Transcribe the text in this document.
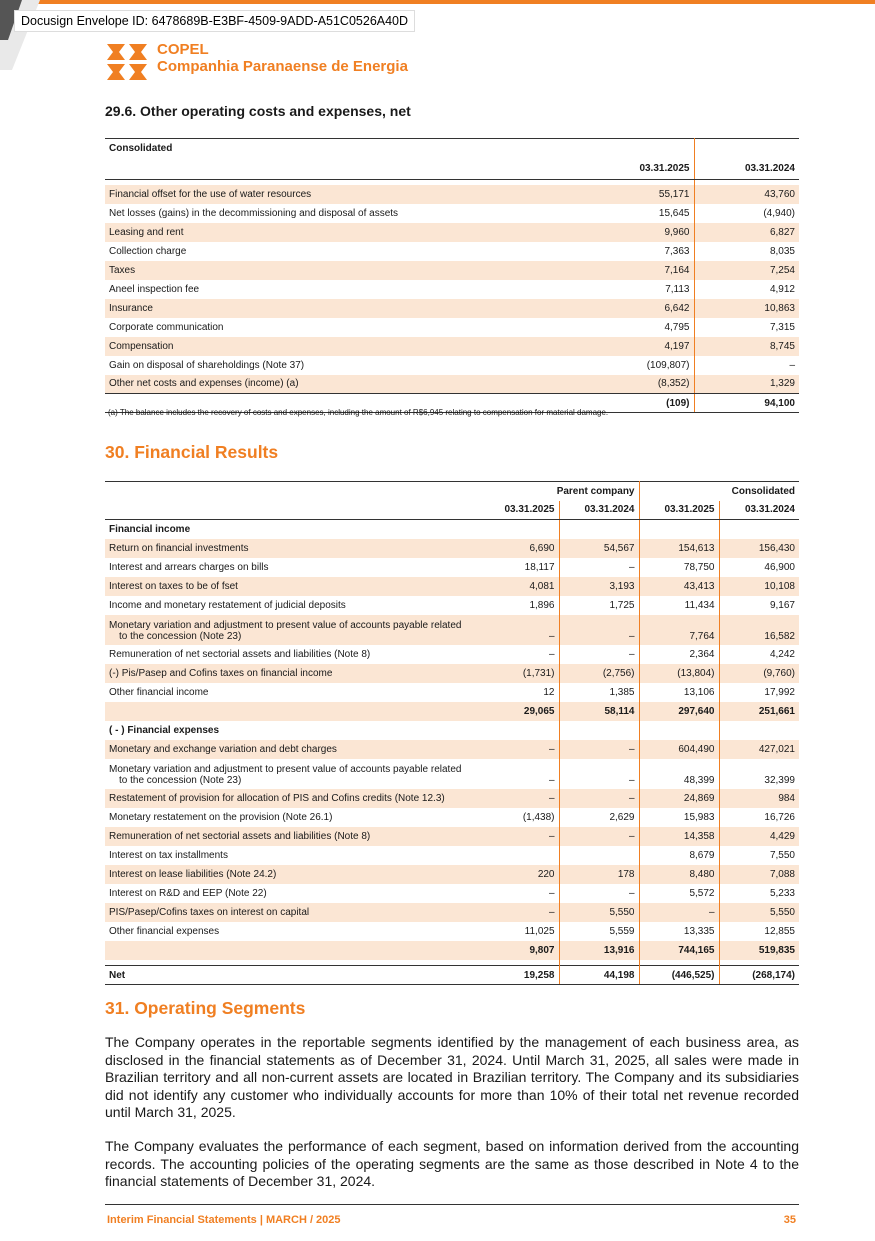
Docusign Envelope ID: 6478689B-E3BF-4509-9ADD-A51C0526A40D
COPEL
Companhia Paranaense de Energia
29.6. Other operating costs and expenses, net
Consolidated		
	03.31.2025	03.31.2024

Financial offset for the use of water resources	55,171	43,760
Net losses (gains) in the decommissioning and disposal of assets	15,645	(4,940)
Leasing and rent	9,960	6,827
Collection charge	7,363	8,035
Taxes	7,164	7,254
Aneel inspection fee	7,113	4,912
Insurance	6,642	10,863
Corporate communication	4,795	7,315
Compensation	4,197	8,745
Gain on disposal of shareholdings (Note 37)	(109,807)	–
Other net costs and expenses (income) (a)	(8,352)	1,329
	(109)	94,100
(a) The balance includes the recovery of costs and expenses, including the amount of R$6,945 relating to compensation for material damage.
30. Financial Results
	Parent company		Consolidated	
	03.31.2025	03.31.2024	03.31.2025	03.31.2024
Financial income				
Return on financial investments	6,690	54,567	154,613	156,430
Interest and arrears charges on bills	18,117	–	78,750	46,900
Interest on taxes to be of fset	4,081	3,193	43,413	10,108
Income and monetary restatement of judicial deposits	1,896	1,725	11,434	9,167
Monetary variation and adjustment to present value of accounts payable related
to the concession (Note 23)	–	–	7,764	16,582
Remuneration of net sectorial assets and liabilities (Note 8)	–	–	2,364	4,242
(-) Pis/Pasep and Cofins taxes on financial income	(1,731)	(2,756)	(13,804)	(9,760)
Other financial income	12	1,385	13,106	17,992
	29,065	58,114	297,640	251,661
( - ) Financial expenses				
Monetary and exchange variation and debt charges	–	–	604,490	427,021
Monetary variation and adjustment to present value of accounts payable related
to the concession (Note 23)	–	–	48,399	32,399
Restatement of provision for allocation of PIS and Cofins credits (Note 12.3)	–	–	24,869	984
Monetary restatement on the provision (Note 26.1)	(1,438)	2,629	15,983	16,726
Remuneration of net sectorial assets and liabilities (Note 8)	–	–	14,358	4,429
Interest on tax installments			8,679	7,550
Interest on lease liabilities (Note 24.2)	220	178	8,480	7,088
Interest on R&D and EEP (Note 22)	–	–	5,572	5,233
PIS/Pasep/Cofins taxes on interest on capital	–	5,550	–	5,550
Other financial expenses	11,025	5,559	13,335	12,855
	9,807	13,916	744,165	519,835

Net	19,258	44,198	(446,525)	(268,174)
31. Operating Segments

The Company operates in the reportable segments identified by the management of each business area, as disclosed in the financial statements as of December 31, 2024. Until March 31, 2025, all sales were made in Brazilian territory and all non-current assets are located in Brazilian territory. The Company and its subsidiaries did not identify any customer who individually accounts for more than 10% of their total net revenue recorded until March 31, 2025.

The Company evaluates the performance of each segment, based on information derived from the accounting records. The accounting policies of the operating segments are the same as those described in Note 4 to the financial statements of December 31, 2024.

Interim Financial Statements | MARCH / 2025	35
